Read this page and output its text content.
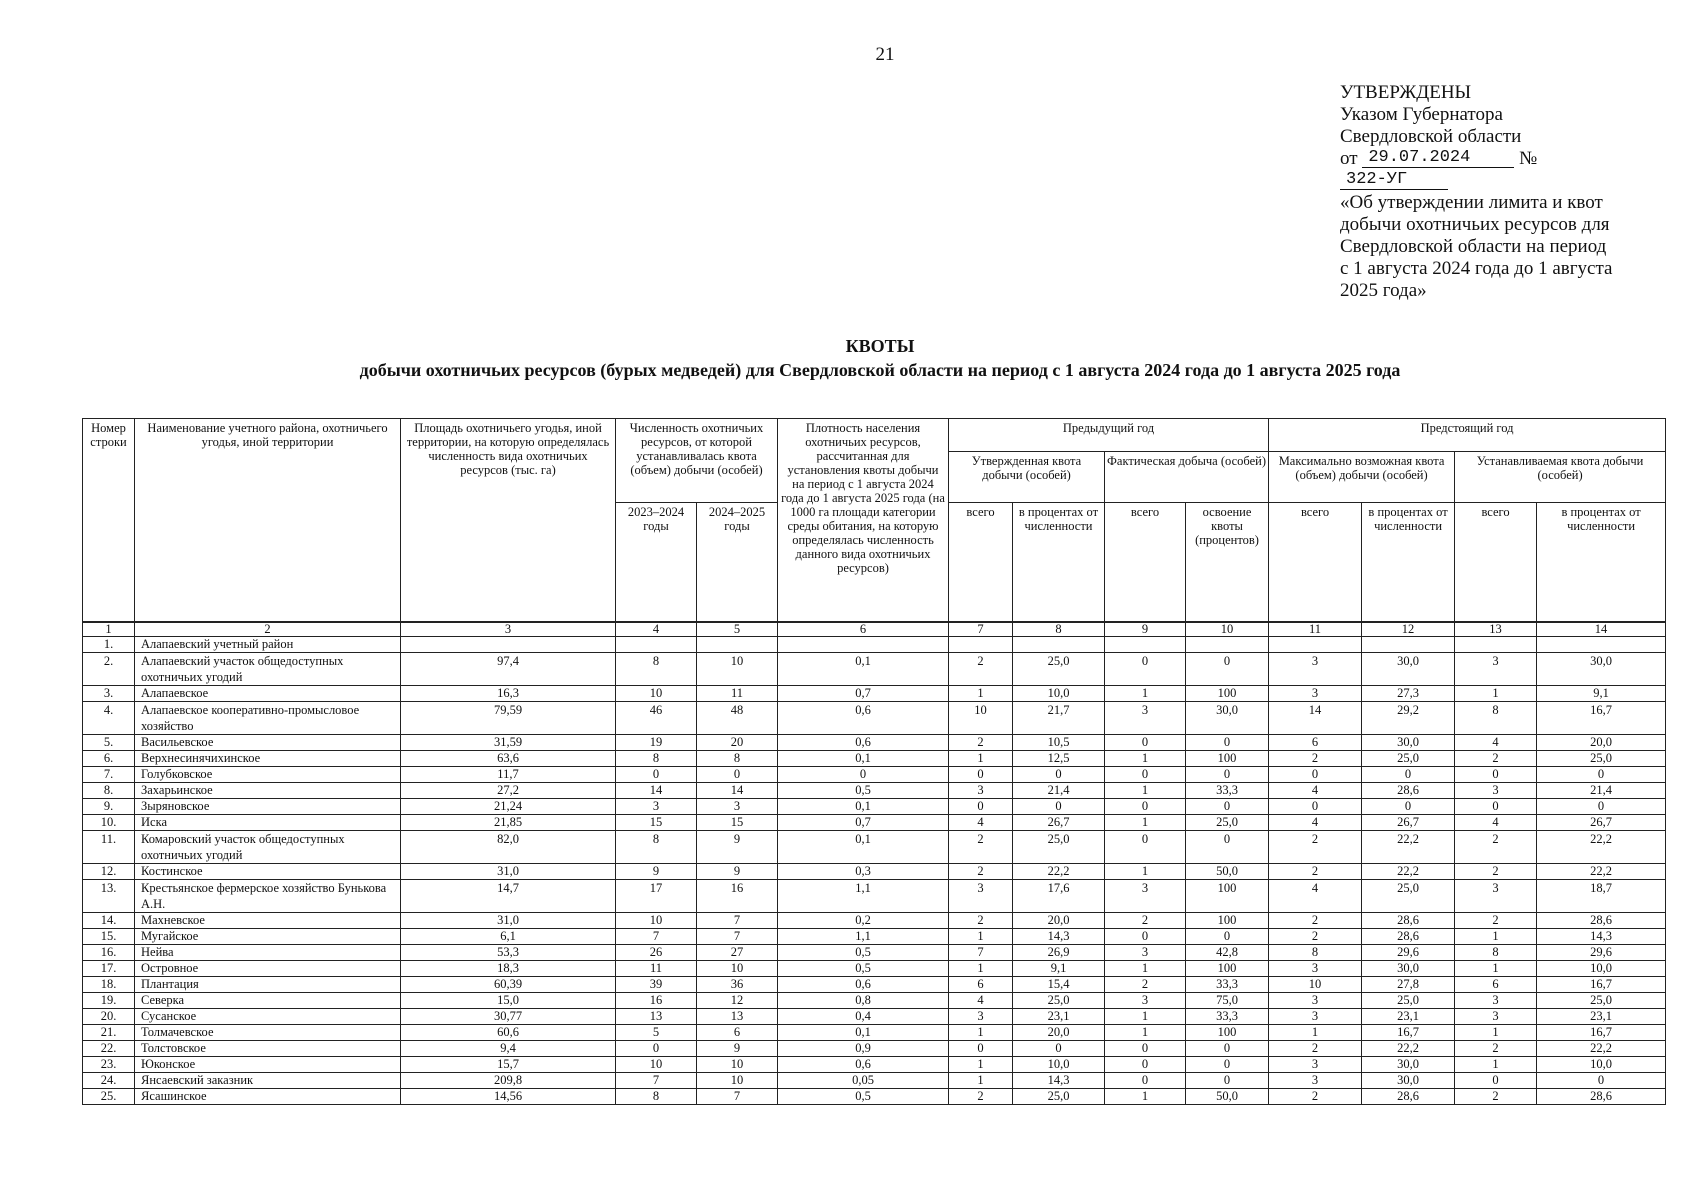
21
УТВЕРЖДЕНЫ
Указом Губернатора
Свердловской области
от 29.07.2024	№ 322-УГ
«Об утверждении лимита и квот
добычи охотничьих ресурсов для
Свердловской области на период
с 1 августа 2024 года до 1 августа
2025 года»
КВОТЫ
добычи охотничьих ресурсов (бурых медведей) для Свердловской области на период с 1 августа 2024 года до 1 августа 2025 года
Номер строки	Наименование учетного района, охотничьего угодья, иной территории	Площадь охотничьего угодья, иной территории, на которую определялась численность вида охотничьих ресурсов (тыс. га)	Численность охотничьих ресурсов, от которой устанавливалась квота (объем) добычи (особей)		Плотность населения охотничьих ресурсов, рассчитанная для установления квоты добычи на период с 1 августа 2024 года до 1 августа 2025 года (на 1000 га площади категории среды обитания, на которую определялась численность данного вида охотничьих ресурсов)	Предыдущий год				Предстоящий год			
						Утвержденная квота добычи (особей)		Фактическая добыча (особей)		Максимально возможная квота (объем) добычи (особей)		Устанавливаемая квота добычи (особей)	
			2023–2024 годы	2024–2025 годы		всего	в процентах от численности	всего	освоение квоты (процентов)	всего	в процентах от численности	всего	в процентах от численности
1	2	3	4	5	6	7	8	9	10	11	12	13	14
1.	Алапаевский учетный район												
2.	Алапаевский участок общедоступных охотничьих угодий	97,4	8	10	0,1	2	25,0	0	0	3	30,0	3	30,0
3.	Алапаевское	16,3	10	11	0,7	1	10,0	1	100	3	27,3	1	9,1
4.	Алапаевское кооперативно-промысловое хозяйство	79,59	46	48	0,6	10	21,7	3	30,0	14	29,2	8	16,7
5.	Васильевское	31,59	19	20	0,6	2	10,5	0	0	6	30,0	4	20,0
6.	Верхнесинячихинское	63,6	8	8	0,1	1	12,5	1	100	2	25,0	2	25,0
7.	Голубковское	11,7	0	0	0	0	0	0	0	0	0	0	0
8.	Захарьинское	27,2	14	14	0,5	3	21,4	1	33,3	4	28,6	3	21,4
9.	Зыряновское	21,24	3	3	0,1	0	0	0	0	0	0	0	0
10.	Иска	21,85	15	15	0,7	4	26,7	1	25,0	4	26,7	4	26,7
11.	Комаровский участок общедоступных охотничьих угодий	82,0	8	9	0,1	2	25,0	0	0	2	22,2	2	22,2
12.	Костинское	31,0	9	9	0,3	2	22,2	1	50,0	2	22,2	2	22,2
13.	Крестьянское фермерское хозяйство Бунькова А.Н.	14,7	17	16	1,1	3	17,6	3	100	4	25,0	3	18,7
14.	Махневское	31,0	10	7	0,2	2	20,0	2	100	2	28,6	2	28,6
15.	Мугайское	6,1	7	7	1,1	1	14,3	0	0	2	28,6	1	14,3
16.	Нейва	53,3	26	27	0,5	7	26,9	3	42,8	8	29,6	8	29,6
17.	Островное	18,3	11	10	0,5	1	9,1	1	100	3	30,0	1	10,0
18.	Плантация	60,39	39	36	0,6	6	15,4	2	33,3	10	27,8	6	16,7
19.	Северка	15,0	16	12	0,8	4	25,0	3	75,0	3	25,0	3	25,0
20.	Сусанское	30,77	13	13	0,4	3	23,1	1	33,3	3	23,1	3	23,1
21.	Толмачевское	60,6	5	6	0,1	1	20,0	1	100	1	16,7	1	16,7
22.	Толстовское	9,4	0	9	0,9	0	0	0	0	2	22,2	2	22,2
23.	Юконское	15,7	10	10	0,6	1	10,0	0	0	3	30,0	1	10,0
24.	Янсаевский заказник	209,8	7	10	0,05	1	14,3	0	0	3	30,0	0	0
25.	Ясашинское	14,56	8	7	0,5	2	25,0	1	50,0	2	28,6	2	28,6
